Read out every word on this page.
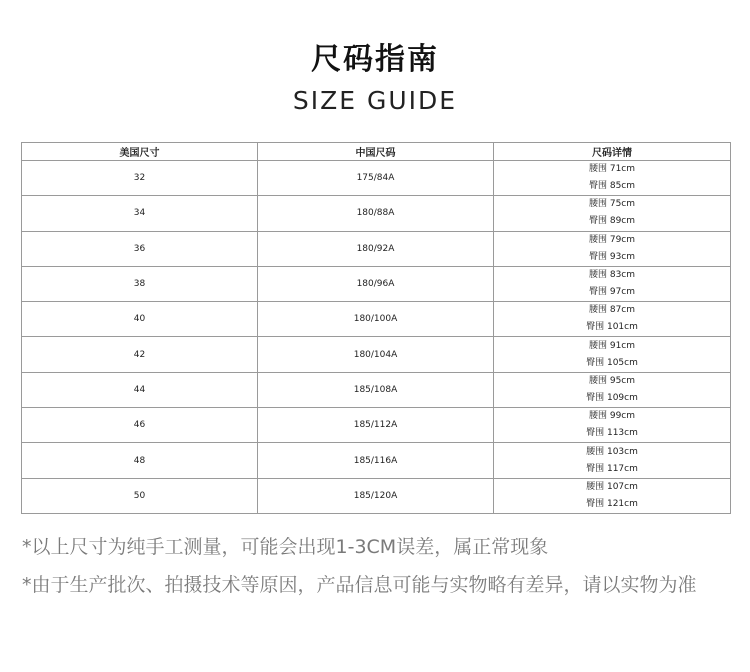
尺码指南
SIZE GUIDE
美国尺寸	中国尺码	尺码详情
32	175/84A	腰围 71cm
臀围 85cm

34	180/88A	腰围 75cm
臀围 89cm

36	180/92A	腰围 79cm
臀围 93cm

38	180/96A	腰围 83cm
臀围 97cm

40	180/100A	腰围 87cm
臀围 101cm

42	180/104A	腰围 91cm
臀围 105cm

44	185/108A	腰围 95cm
臀围 109cm

46	185/112A	腰围 99cm
臀围 113cm

48	185/116A	腰围 103cm
臀围 117cm

50	185/120A	腰围 107cm
臀围 121cm

*以上尺寸为纯手工测量，可能会出现1-3CM误差，属正常现象

*由于生产批次、拍摄技术等原因，产品信息可能与实物略有差异，请以实物为准
